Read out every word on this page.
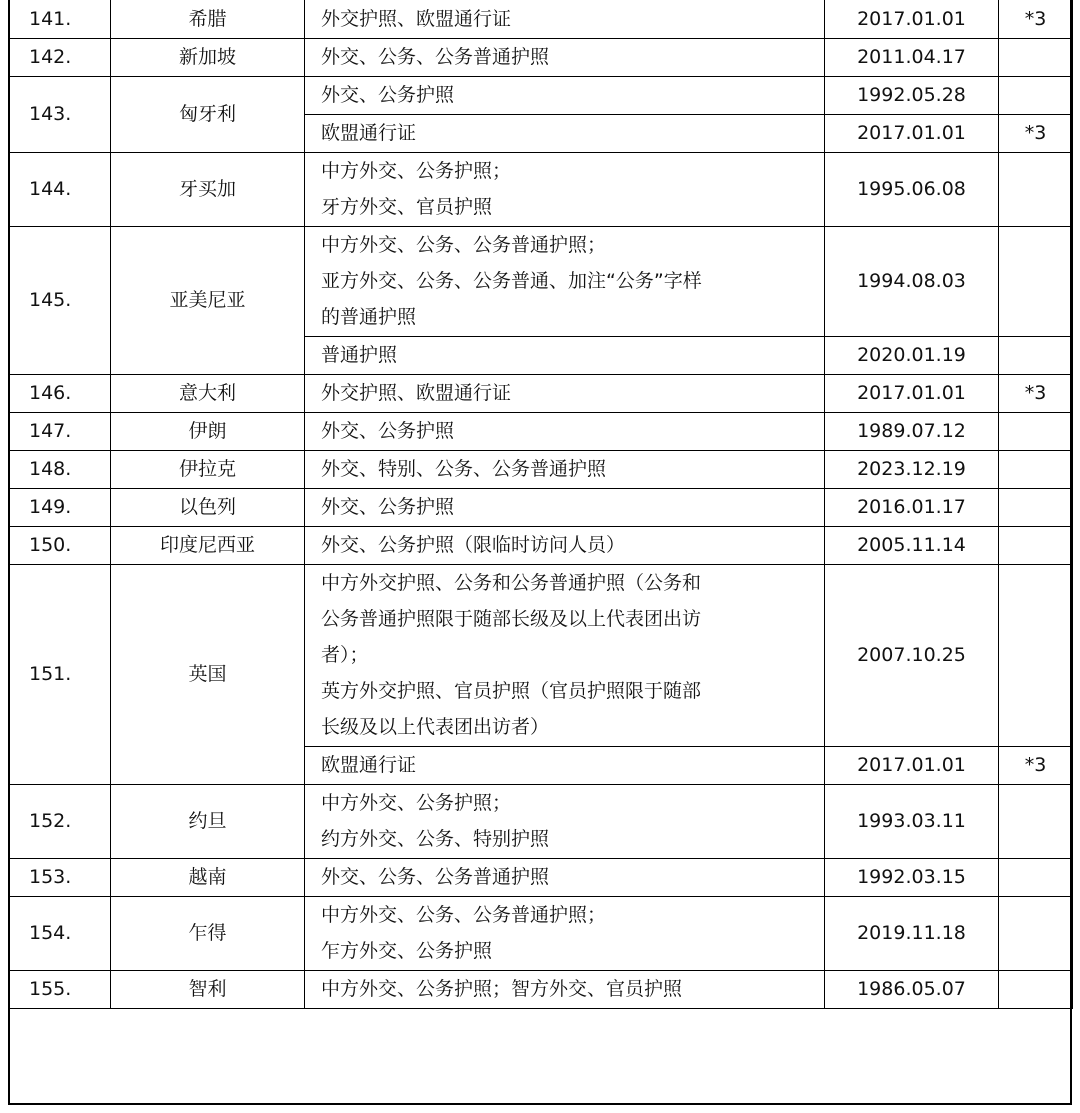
141.	希腊	外交护照、欧盟通行证	2017.01.01	*3
142.	新加坡	外交、公务、公务普通护照	2011.04.17	
143.	匈牙利	外交、公务护照	1992.05.28	

		欧盟通行证	2017.01.01	*3
144.	牙买加	中方外交、公务护照；
牙方外交、官员护照	1995.06.08	
145.	亚美尼亚	中方外交、公务、公务普通护照；
亚方外交、公务、公务普通、加注“公务”字样
的普通护照	1994.08.03	

		普通护照	2020.01.19	
146.	意大利	外交护照、欧盟通行证	2017.01.01	*3
147.	伊朗	外交、公务护照	1989.07.12	
148.	伊拉克	外交、特别、公务、公务普通护照	2023.12.19	
149.	以色列	外交、公务护照	2016.01.17	
150.	印度尼西亚	外交、公务护照（限临时访问人员）	2005.11.14	
151.	英国	中方外交护照、公务和公务普通护照（公务和
公务普通护照限于随部长级及以上代表团出访
者）；
英方外交护照、官员护照（官员护照限于随部
长级及以上代表团出访者）	2007.10.25	

		欧盟通行证	2017.01.01	*3
152.	约旦	中方外交、公务护照；
约方外交、公务、特别护照	1993.03.11	
153.	越南	外交、公务、公务普通护照	1992.03.15	
154.	乍得	中方外交、公务、公务普通护照；
乍方外交、公务护照	2019.11.18	
155.	智利	中方外交、公务护照；智方外交、官员护照	1986.05.07	
